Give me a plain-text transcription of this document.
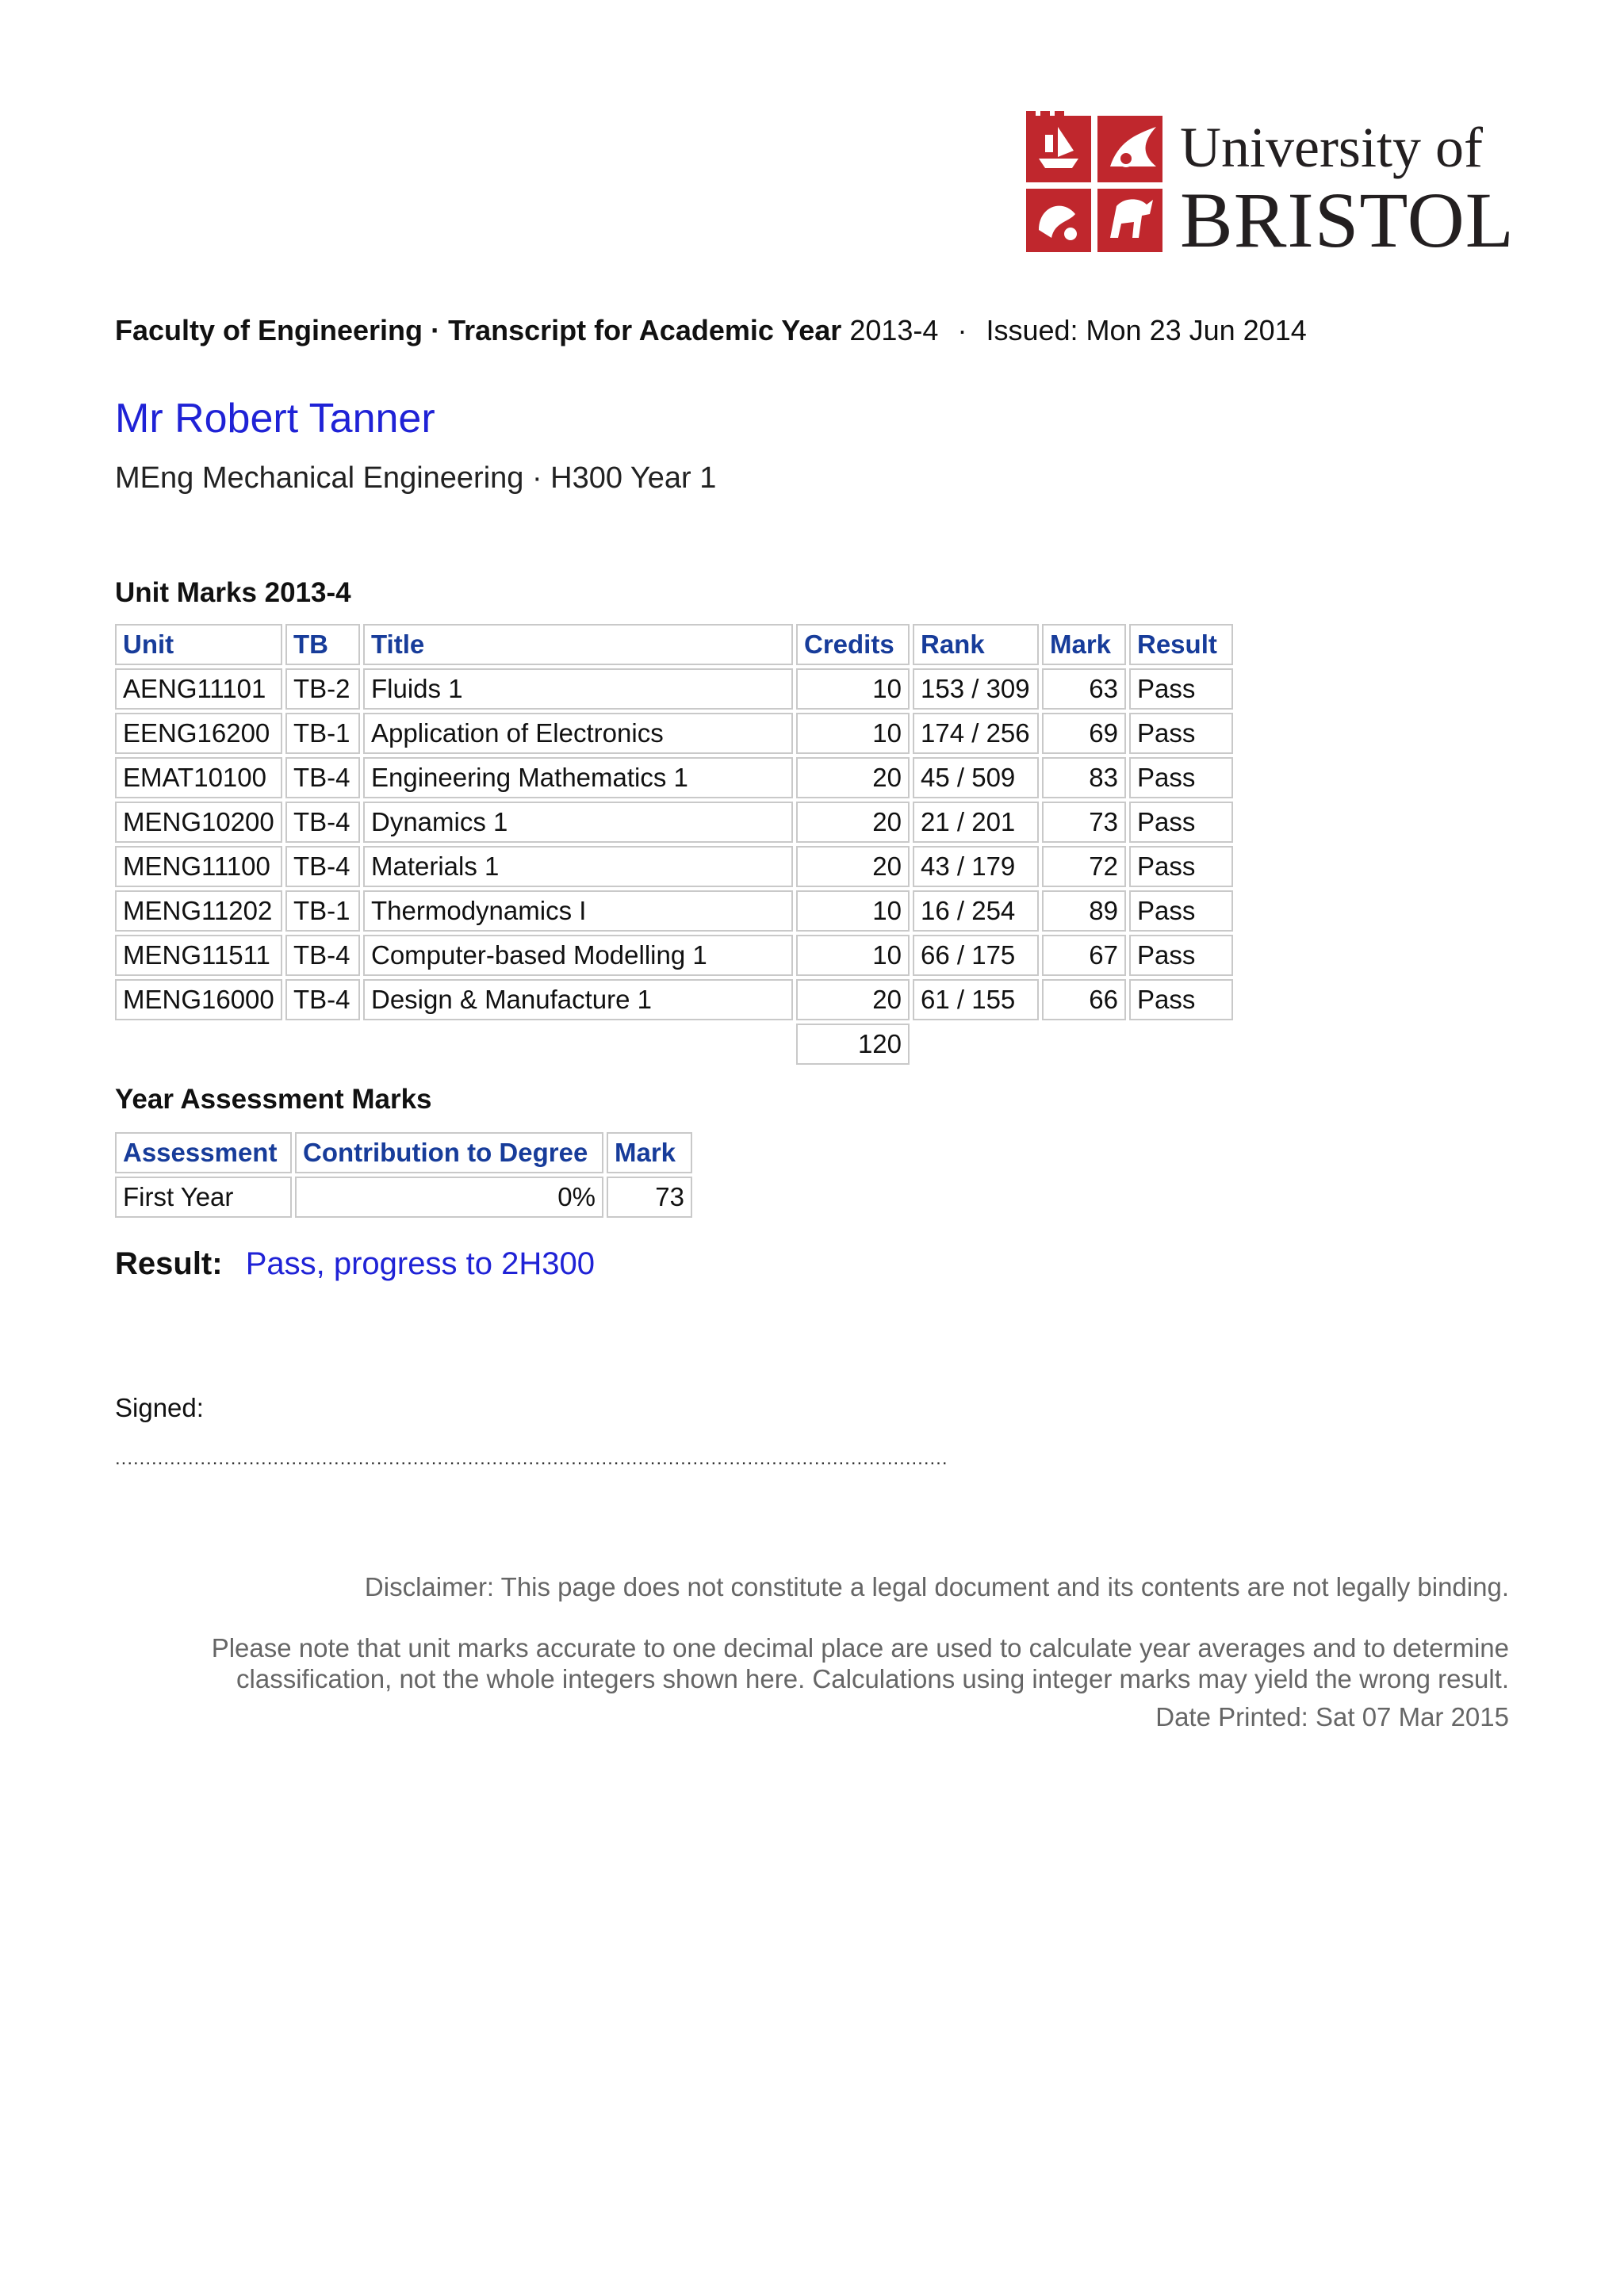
University of
BRISTOL
Faculty of Engineering · Transcript for Academic Year 2013-4 · Issued: Mon 23 Jun 2014
Mr Robert Tanner
MEng Mechanical Engineering · H300 Year 1
Unit Marks 2013-4
Unit	TB	Title	Credits	Rank	Mark	Result
AENG11101	TB-2	Fluids 1	10	153 / 309	63	Pass
EENG16200	TB-1	Application of Electronics	10	174 / 256	69	Pass
EMAT10100	TB-4	Engineering Mathematics 1	20	45 / 509	83	Pass
MENG10200	TB-4	Dynamics 1	20	21 / 201	73	Pass
MENG11100	TB-4	Materials 1	20	43 / 179	72	Pass
MENG11202	TB-1	Thermodynamics I	10	16 / 254	89	Pass
MENG11511	TB-4	Computer-based Modelling 1	10	66 / 175	67	Pass
MENG16000	TB-4	Design & Manufacture 1	20	61 / 155	66	Pass
			120			
Year Assessment Marks
Assessment	Contribution to Degree	Mark
First Year	0%	73
Result: Pass, progress to 2H300
Signed:
.........................................................................................................................................
Disclaimer: This page does not constitute a legal document and its contents are not legally binding.
Please note that unit marks accurate to one decimal place are used to calculate year averages and to determine
classification, not the whole integers shown here. Calculations using integer marks may yield the wrong result.
Date Printed: Sat 07 Mar 2015
